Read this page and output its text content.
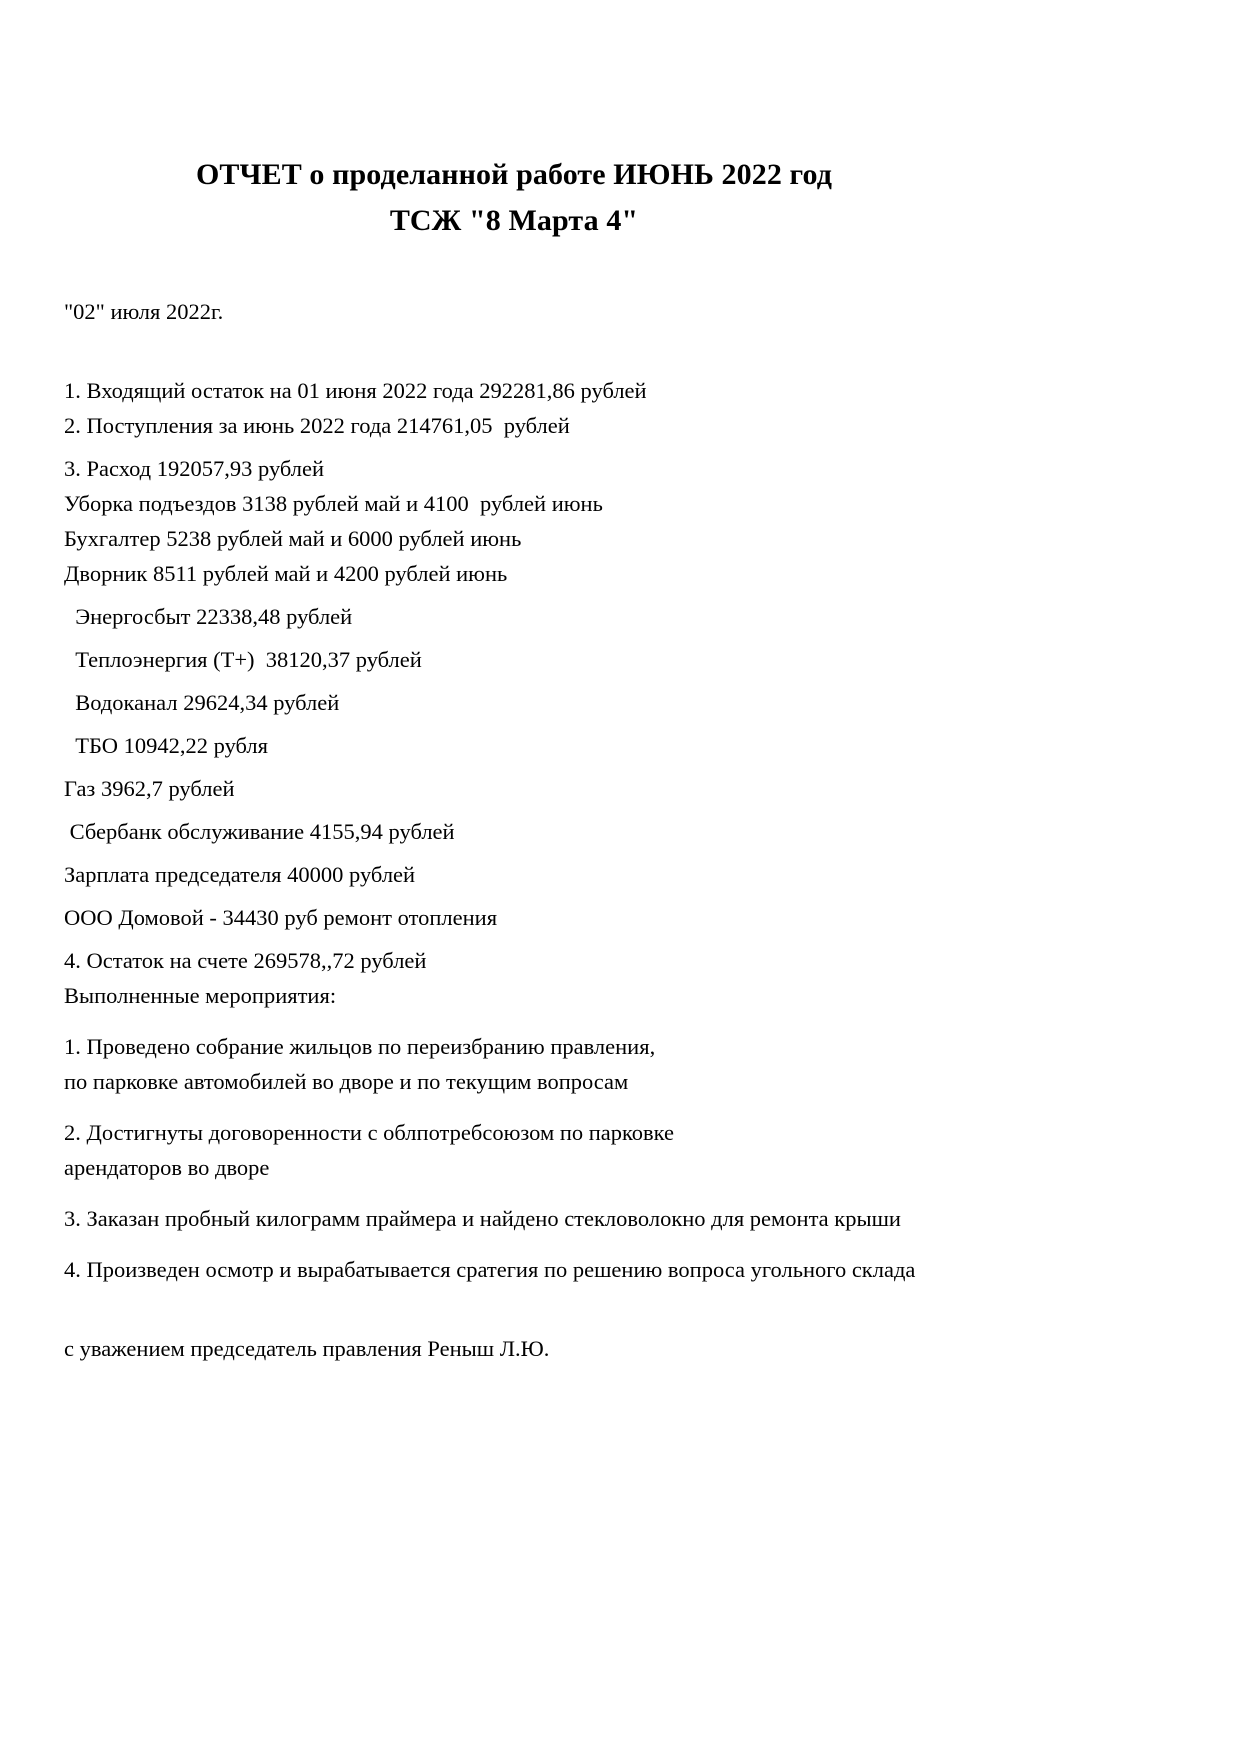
ОТЧЕТ о проделанной работе ИЮНЬ 2022 год
ТСЖ "8 Марта 4"
"02" июля 2022г.
1. Входящий остаток на 01 июня 2022 года 292281,86 рублей
2. Поступления за июнь 2022 года 214761,05  рублей
3. Расход 192057,93 рублей
Уборка подъездов 3138 рублей май и 4100  рублей июнь
Бухгалтер 5238 рублей май и 6000 рублей июнь
Дворник 8511 рублей май и 4200 рублей июнь
Энергосбыт 22338,48 рублей
Теплоэнергия (Т+)  38120,37 рублей
Водоканал 29624,34 рублей
ТБО 10942,22 рубля
Газ 3962,7 рублей
Сбербанк обслуживание 4155,94 рублей
Зарплата председателя 40000 рублей
ООО Домовой - 34430 руб ремонт отопления
4. Остаток на счете 269578,,72 рублей
Выполненные мероприятия:
1. Проведено собрание жильцов по переизбранию правления,
по парковке автомобилей во дворе и по текущим вопросам
2. Достигнуты договоренности с облпотребсоюзом по парковке
арендаторов во дворе
3. Заказан пробный килограмм праймера и найдено стекловолокно для ремонта крыши
4. Произведен осмотр и вырабатывается сратегия по решению вопроса угольного склада
с уважением председатель правления Реныш Л.Ю.
